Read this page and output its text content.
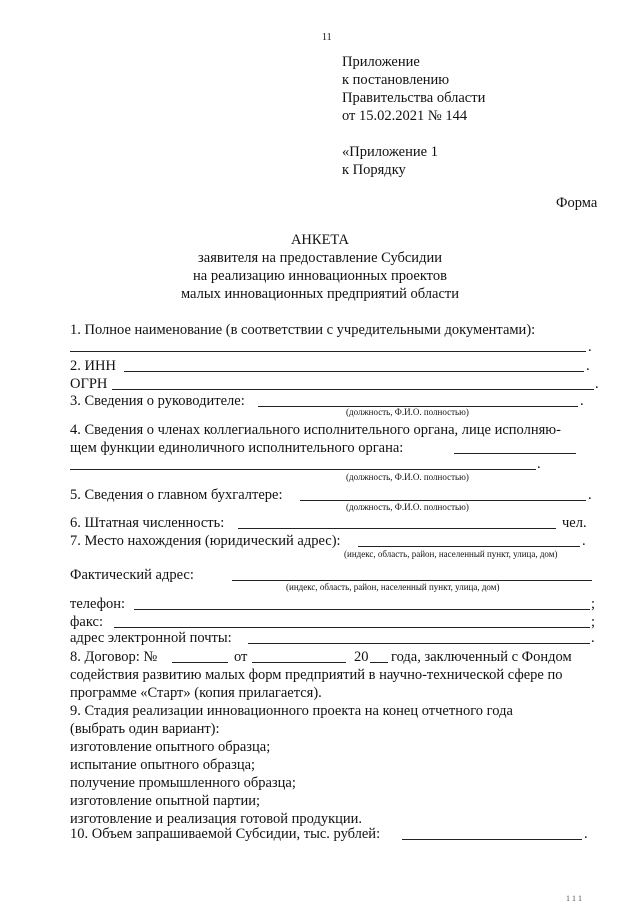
11
Приложение
к постановлению
Правительства области
от 15.02.2021 № 144
«Приложение 1
к Порядку
Форма
АНКЕТА
заявителя на предоставление Субсидии
на реализацию инновационных проектов
малых инновационных предприятий области
1. Полное наименование (в соответствии с учредительными документами):
.
2. ИНН	.
ОГРН	.
3. Сведения о руководителе:	.
(должность, Ф.И.О. полностью)
4. Сведения о членах коллегиального исполнительного органа, лице исполняю-
щем функции единоличного исполнительного органа:
.
(должность, Ф.И.О. полностью)
5. Сведения о главном бухгалтере:	.
(должность, Ф.И.О. полностью)
6. Штатная численность:	чел.
7. Место нахождения (юридический адрес):	.
(индекс, область, район, населенный пункт, улица, дом)
Фактический адрес:
(индекс, область, район, населенный пункт, улица, дом)
телефон:	;
факс:	;
адрес электронной почты:	.
8. Договор: №	от	20 года, заключенный с Фондом
содействия развитию малых форм предприятий в научно-технической сфере по
программе «Старт» (копия прилагается).
9. Стадия реализации инновационного проекта на конец отчетного года
(выбрать один вариант):
изготовление опытного образца;
испытание опытного образца;
получение промышленного образца;
изготовление опытной партии;
изготовление и реализация готовой продукции.
10. Объем запрашиваемой Субсидии, тыс. рублей:	.
1 1 1
